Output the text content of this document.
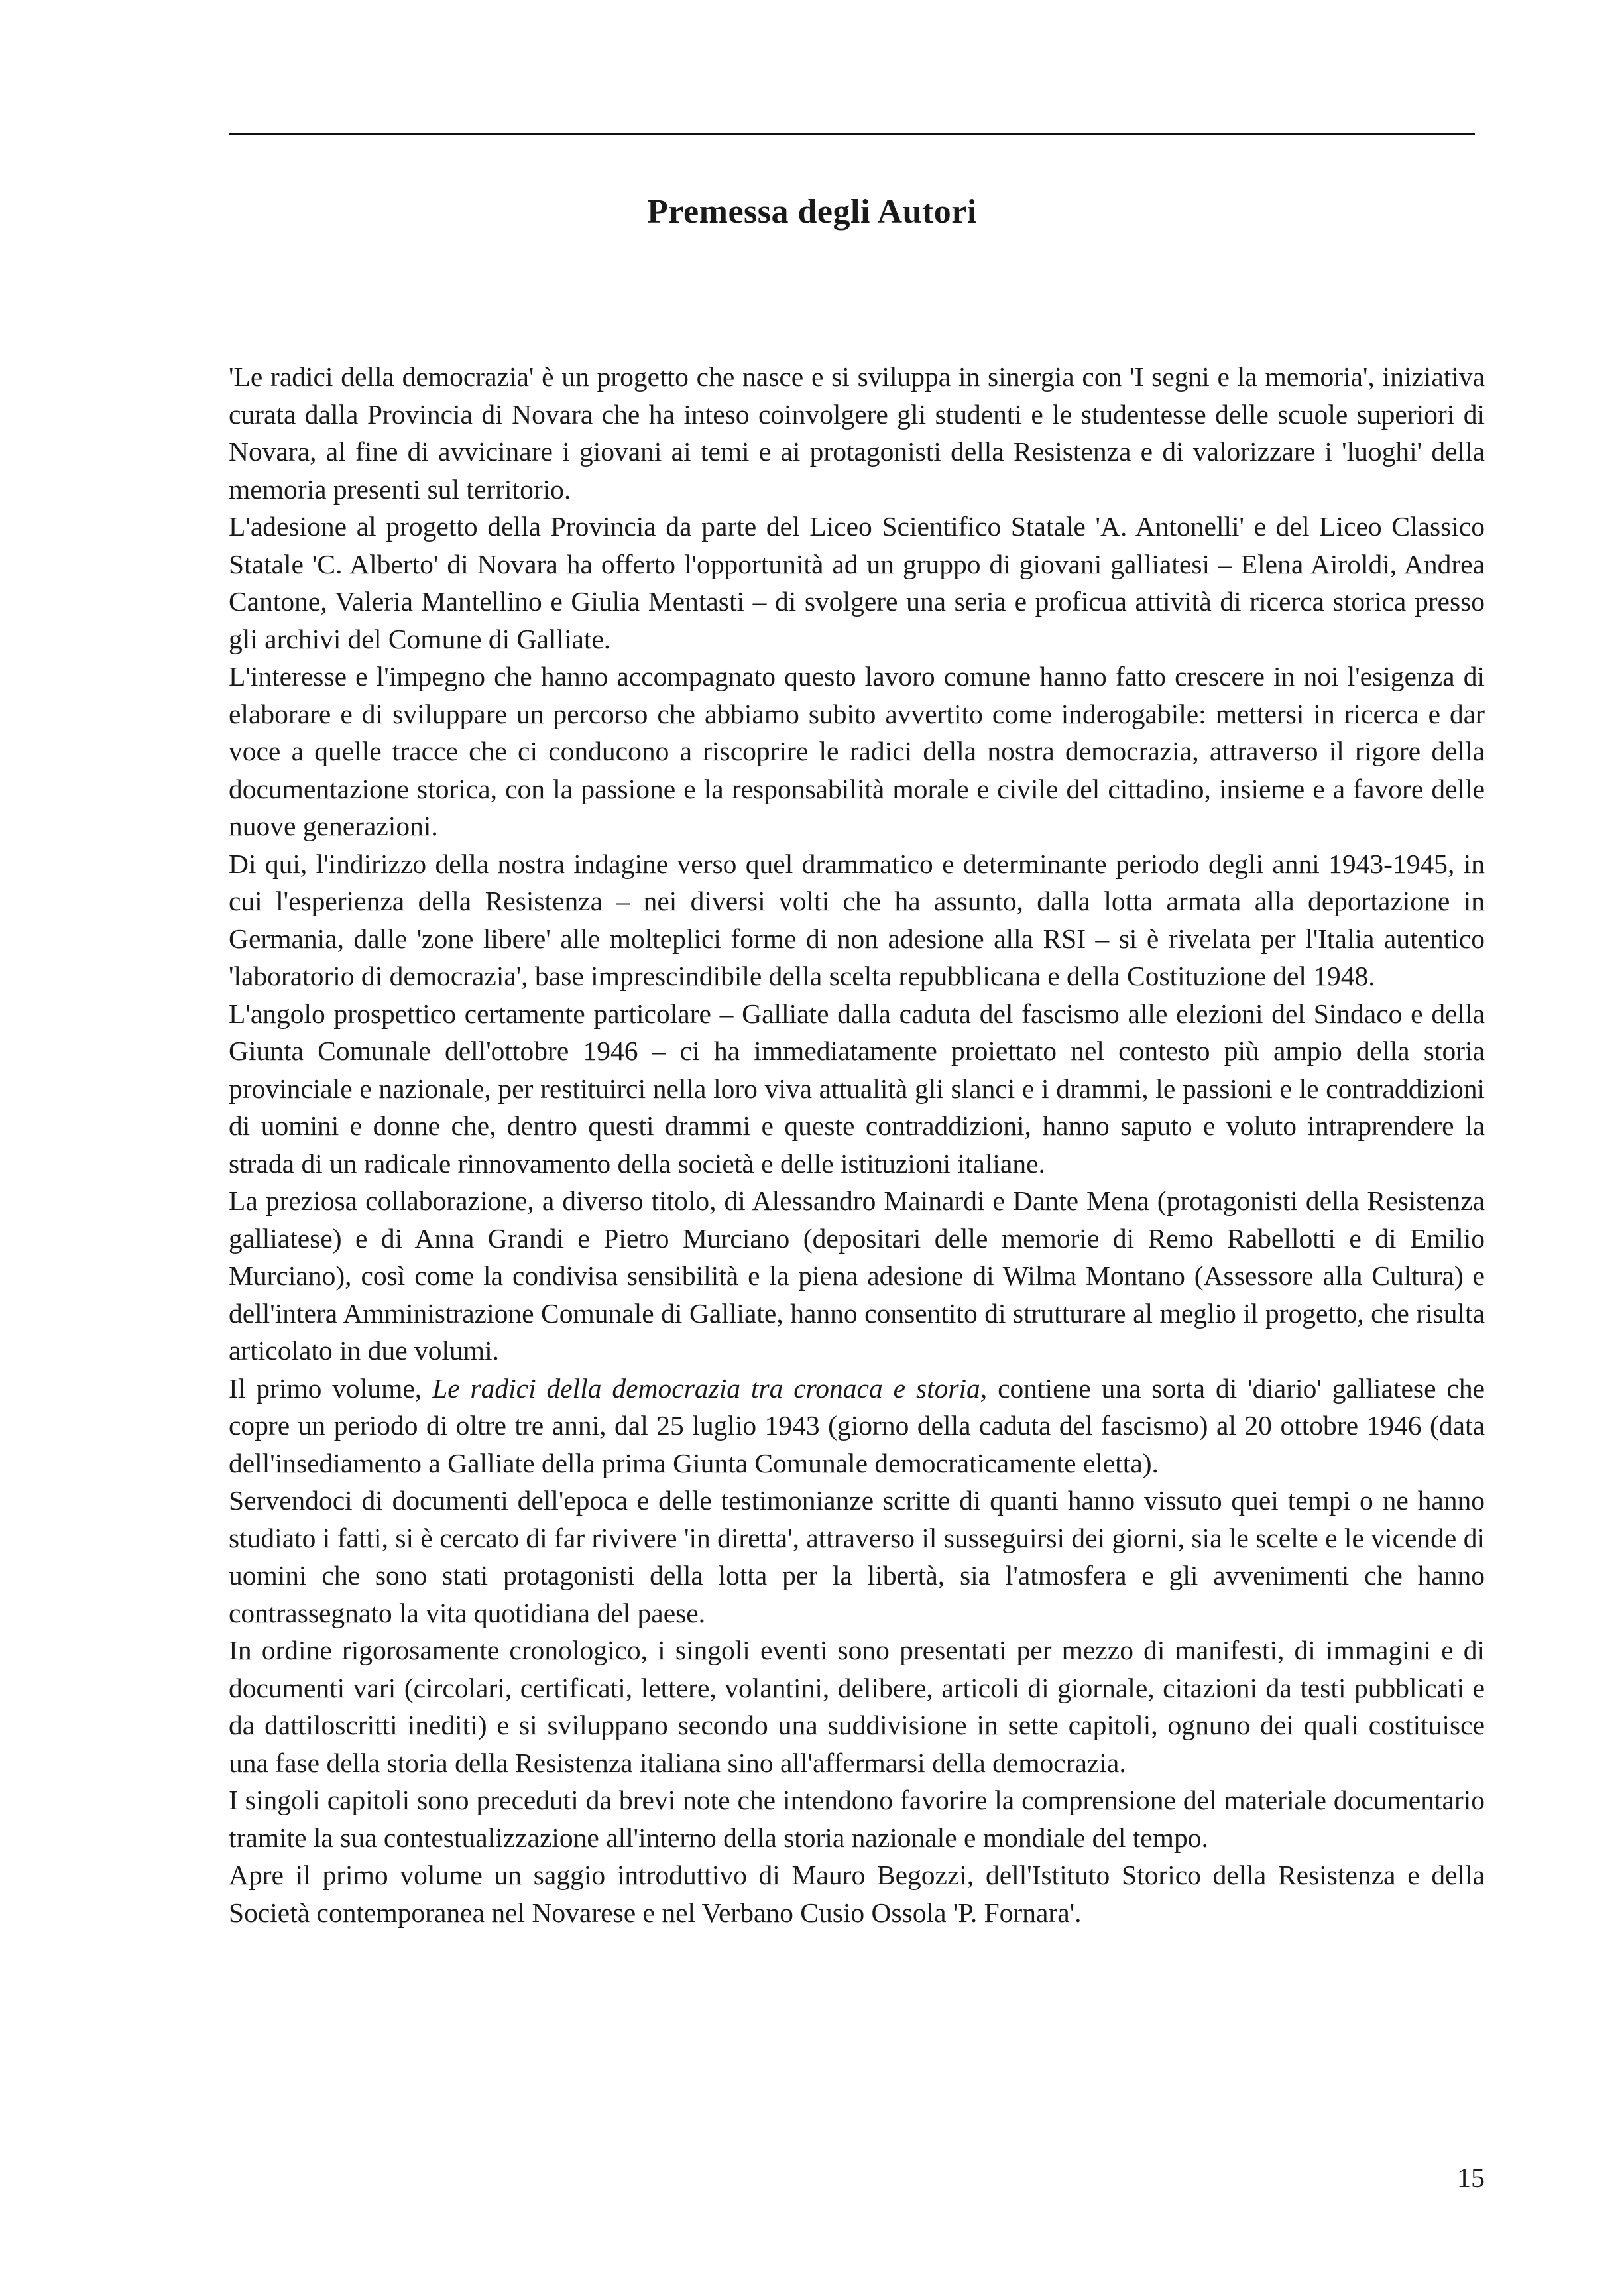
Premessa degli Autori

'Le radici della democrazia' è un progetto che nasce e si sviluppa in sinergia con 'I segni e la memoria', iniziativa curata dalla Provincia di Novara che ha inteso coinvolgere gli studenti e le studentesse delle scuole superiori di Novara, al fine di avvicinare i giovani ai temi e ai protagonisti della Resistenza e di valorizzare i 'luoghi' della memoria presenti sul territorio.

L'adesione al progetto della Provincia da parte del Liceo Scientifico Statale 'A. Antonelli' e del Liceo Classico Statale 'C. Alberto' di Novara ha offerto l'opportunità ad un gruppo di giovani galliatesi – Elena Airoldi, Andrea Cantone, Valeria Mantellino e Giulia Mentasti – di svolgere una seria e proficua attività di ricerca storica presso gli archivi del Comune di Galliate.

L'interesse e l'impegno che hanno accompagnato questo lavoro comune hanno fatto crescere in noi l'esigenza di elaborare e di sviluppare un percorso che abbiamo subito avvertito come inderogabile: mettersi in ricerca e dar voce a quelle tracce che ci conducono a riscoprire le radici della nostra democrazia, attraverso il rigore della documentazione storica, con la passione e la responsabilità morale e civile del cittadino, insieme e a favore delle nuove generazioni.

Di qui, l'indirizzo della nostra indagine verso quel drammatico e determinante periodo degli anni 1943-1945, in cui l'esperienza della Resistenza – nei diversi volti che ha assunto, dalla lotta armata alla deportazione in Germania, dalle 'zone libere' alle molteplici forme di non adesione alla RSI – si è rivelata per l'Italia autentico 'laboratorio di democrazia', base imprescindibile della scelta repubblicana e della Costituzione del 1948.

L'angolo prospettico certamente particolare – Galliate dalla caduta del fascismo alle elezioni del Sindaco e della Giunta Comunale dell'ottobre 1946 – ci ha immediatamente proiettato nel contesto più ampio della storia provinciale e nazionale, per restituirci nella loro viva attualità gli slanci e i drammi, le passioni e le contraddizioni di uomini e donne che, dentro questi drammi e queste contraddizioni, hanno saputo e voluto intraprendere la strada di un radicale rinnovamento della società e delle istituzioni italiane.

La preziosa collaborazione, a diverso titolo, di Alessandro Mainardi e Dante Mena (protagonisti della Resistenza galliatese) e di Anna Grandi e Pietro Murciano (depositari delle memorie di Remo Rabellotti e di Emilio Murciano), così come la condivisa sensibilità e la piena adesione di Wilma Montano (Assessore alla Cultura) e dell'intera Amministrazione Comunale di Galliate, hanno consentito di strutturare al meglio il progetto, che risulta articolato in due volumi.

Il primo volume, Le radici della democrazia tra cronaca e storia, contiene una sorta di 'diario' galliatese che copre un periodo di oltre tre anni, dal 25 luglio 1943 (giorno della caduta del fascismo) al 20 ottobre 1946 (data dell'insediamento a Galliate della prima Giunta Comunale democraticamente eletta).

Servendoci di documenti dell'epoca e delle testimonianze scritte di quanti hanno vissuto quei tempi o ne hanno studiato i fatti, si è cercato di far rivivere 'in diretta', attraverso il susseguirsi dei giorni, sia le scelte e le vicende di uomini che sono stati protagonisti della lotta per la libertà, sia l'atmosfera e gli avvenimenti che hanno contrassegnato la vita quotidiana del paese.

In ordine rigorosamente cronologico, i singoli eventi sono presentati per mezzo di manifesti, di immagini e di documenti vari (circolari, certificati, lettere, volantini, delibere, articoli di giornale, citazioni da testi pubblicati e da dattiloscritti inediti) e si sviluppano secondo una suddivisione in sette capitoli, ognuno dei quali costituisce una fase della storia della Resistenza italiana sino all'affermarsi della democrazia.

I singoli capitoli sono preceduti da brevi note che intendono favorire la comprensione del materiale documentario tramite la sua contestualizzazione all'interno della storia nazionale e mondiale del tempo.

Apre il primo volume un saggio introduttivo di Mauro Begozzi, dell'Istituto Storico della Resistenza e della Società contemporanea nel Novarese e nel Verbano Cusio Ossola 'P. Fornara'.

15
